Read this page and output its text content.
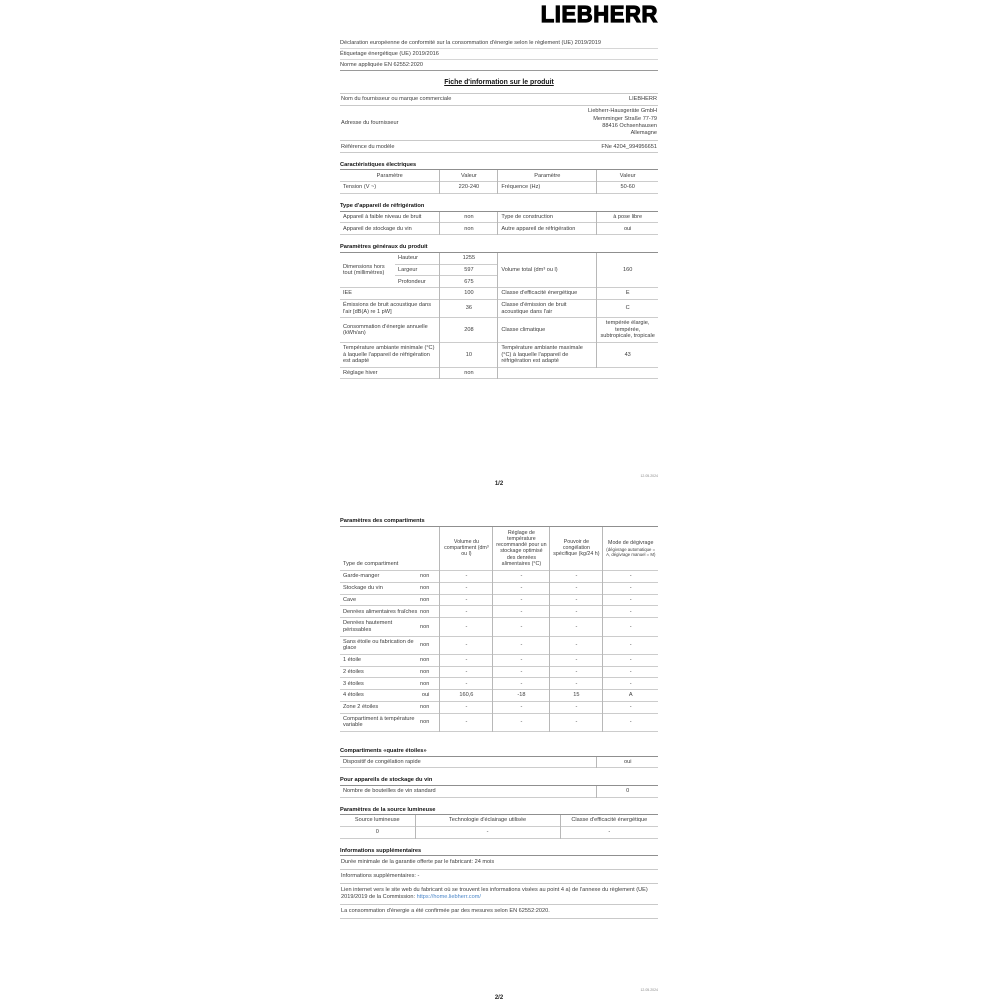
LIEBHERR
Déclaration européenne de conformité sur la consommation d'énergie selon le règlement (UE) 2019/2019
Étiquetage énergétique (UE) 2019/2016
Norme appliquée EN 62552:2020
Fiche d'information sur le produit
Nom du fournisseur ou marque commerciale	LIEBHERR
Adresse du fournisseur
Liebherr-Hausgeräte GmbH
Memminger Straße 77-79
88416 Ochsenhausen
Allemagne
Référence du modèle	FNe 4204_994956651
Caractéristiques électriques
Paramètre	Valeur	Paramètre	Valeur
Tension (V ~)	220-240	Fréquence (Hz)	50-60
Type d'appareil de réfrigération
Appareil à faible niveau de bruit	non	Type de construction	à pose libre
Appareil de stockage du vin	non	Autre appareil de réfrigération	oui
Paramètres généraux du produit
Dimensions hors tout (millimètres)	Hauteur	1255	Volume total (dm³ ou l)	160
	Largeur	597		
	Profondeur	675		
IEE		100	Classe d'efficacité énergétique	E
Émissions de bruit acoustique dans l'air [dB(A) re 1 pW]		36	Classe d'émission de bruit acoustique dans l'air	C
Consommation d'énergie annuelle (kWh/an)		208	Classe climatique	tempérée élargie, tempérée, subtropicale, tropicale
Température ambiante minimale (°C) à laquelle l'appareil de réfrigération est adapté		10	Température ambiante maximale (°C) à laquelle l'appareil de réfrigération est adapté	43
Réglage hiver		non		
1/2
12.05.2024
Paramètres des compartiments
Type de compartiment	Volume du compartiment (dm³ ou l)	Réglage de température recommandé pour un stockage optimisé des denrées alimentaires (°C)	Pouvoir de congélation spécifique (kg/24 h)	Mode de dégivrage
(dégivrage automatique = A, dégivrage manuel = M)

Garde-manger non	-	-	-	-

Stockage du vin non	-	-	-	-

Cave non	-	-	-	-

Denrées alimentaires fraîches non	-	-	-	-

Denrées hautement périssables
non	-	-	-	-

Sans étoile ou fabrication de glace
non	-	-	-	-

1 étoile non	-	-	-	-

2 étoiles non	-	-	-	-

3 étoiles non	-	-	-	-

4 étoiles oui	160,6	-18	15	A

Zone 2 étoiles non	-	-	-	-

Compartiment à température variable
non	-	-	-	-
Compartiments «quatre étoiles»
Dispositif de congélation rapide	oui
Pour appareils de stockage du vin
Nombre de bouteilles de vin standard	0
Paramètres de la source lumineuse
Source lumineuse	Technologie d'éclairage utilisée	Classe d'efficacité énergétique
0	-	-
Informations supplémentaires
Durée minimale de la garantie offerte par le fabricant: 24 mois
Informations supplémentaires: -
Lien internet vers le site web du fabricant où se trouvent les informations visées au point 4 a) de l'annexe du règlement (UE) 2019/2019 de la Commission: https://home.liebherr.com/
La consommation d'énergie a été confirmée par des mesures selon EN 62552:2020.
2/2
12.05.2024
